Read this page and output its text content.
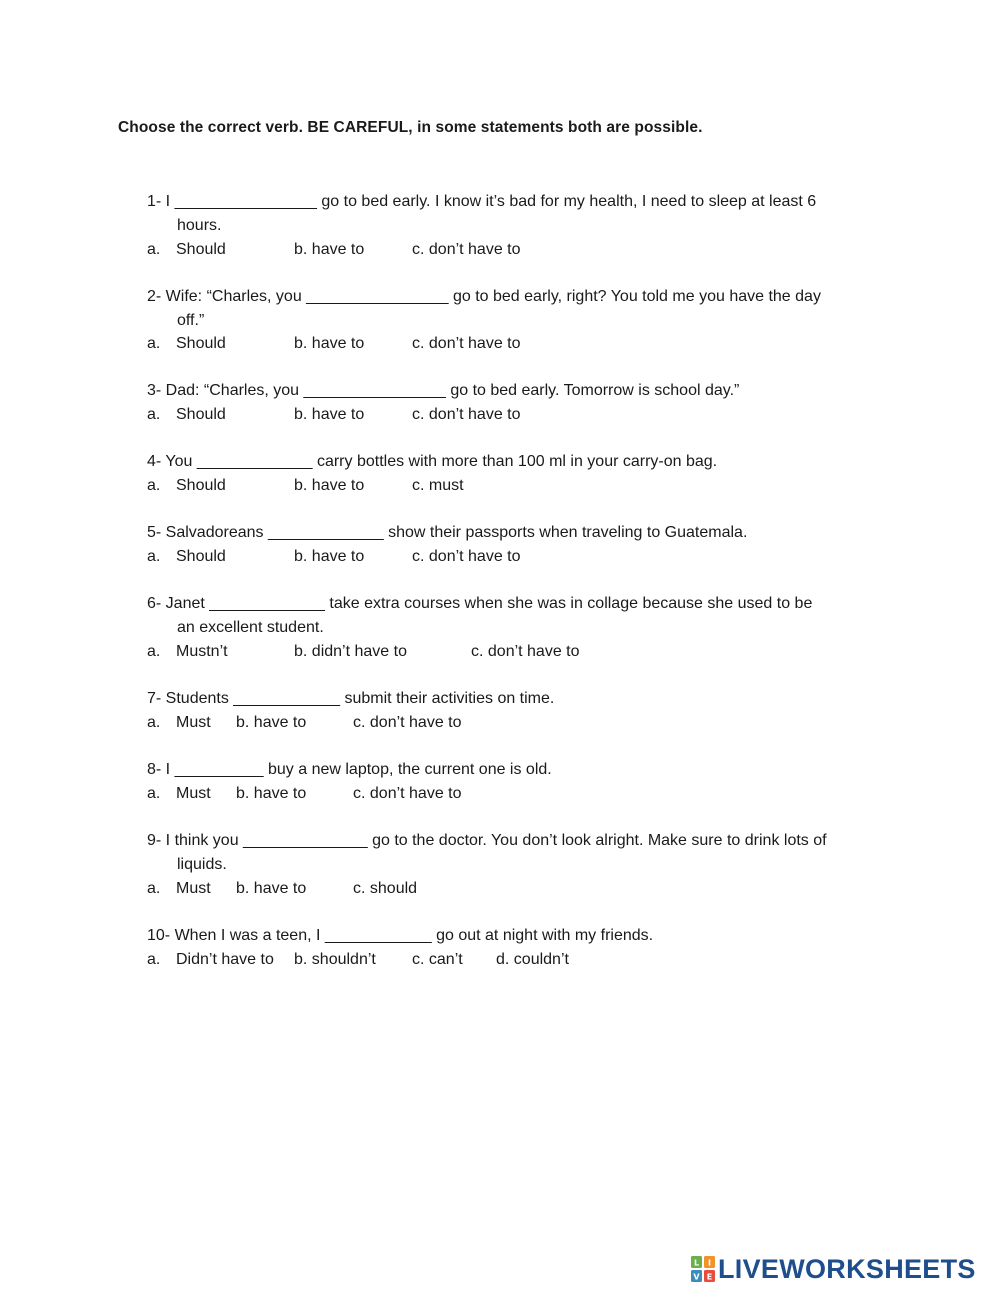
Choose the correct verb. BE CAREFUL, in some statements both are possible.
1- I ________________ go to bed early. I know it’s bad for my health, I need to sleep at least 6
hours.
a. Should	b. have to	c. don’t have to
2- Wife: “Charles, you ________________ go to bed early, right? You told me you have the day
off.”
a. Should	b. have to	c. don’t have to
3- Dad: “Charles, you ________________ go to bed early. Tomorrow is school day.”
a. Should	b. have to	c. don’t have to
4- You _____________ carry bottles with more than 100 ml in your carry-on bag.
a. Should	b. have to	c. must
5- Salvadoreans _____________ show their passports when traveling to Guatemala.
a. Should	b. have to	c. don’t have to
6- Janet _____________ take extra courses when she was in collage because she used to be
an excellent student.
a. Mustn’t	b. didn’t have to	c. don’t have to
7- Students ____________ submit their activities on time.
a. Must b. have to	c. don’t have to
8- I __________ buy a new laptop, the current one is old.
a. Must b. have to	c. don’t have to
9- I think you ______________ go to the doctor. You don’t look alright. Make sure to drink lots of
liquids.
a. Must b. have to	c. should
10- When I was a teen, I ____________ go out at night with my friends.
a. Didn’t have to b. shouldn’t c. can’t d. couldn’t
L I
V E LIVEWORKSHEETS
